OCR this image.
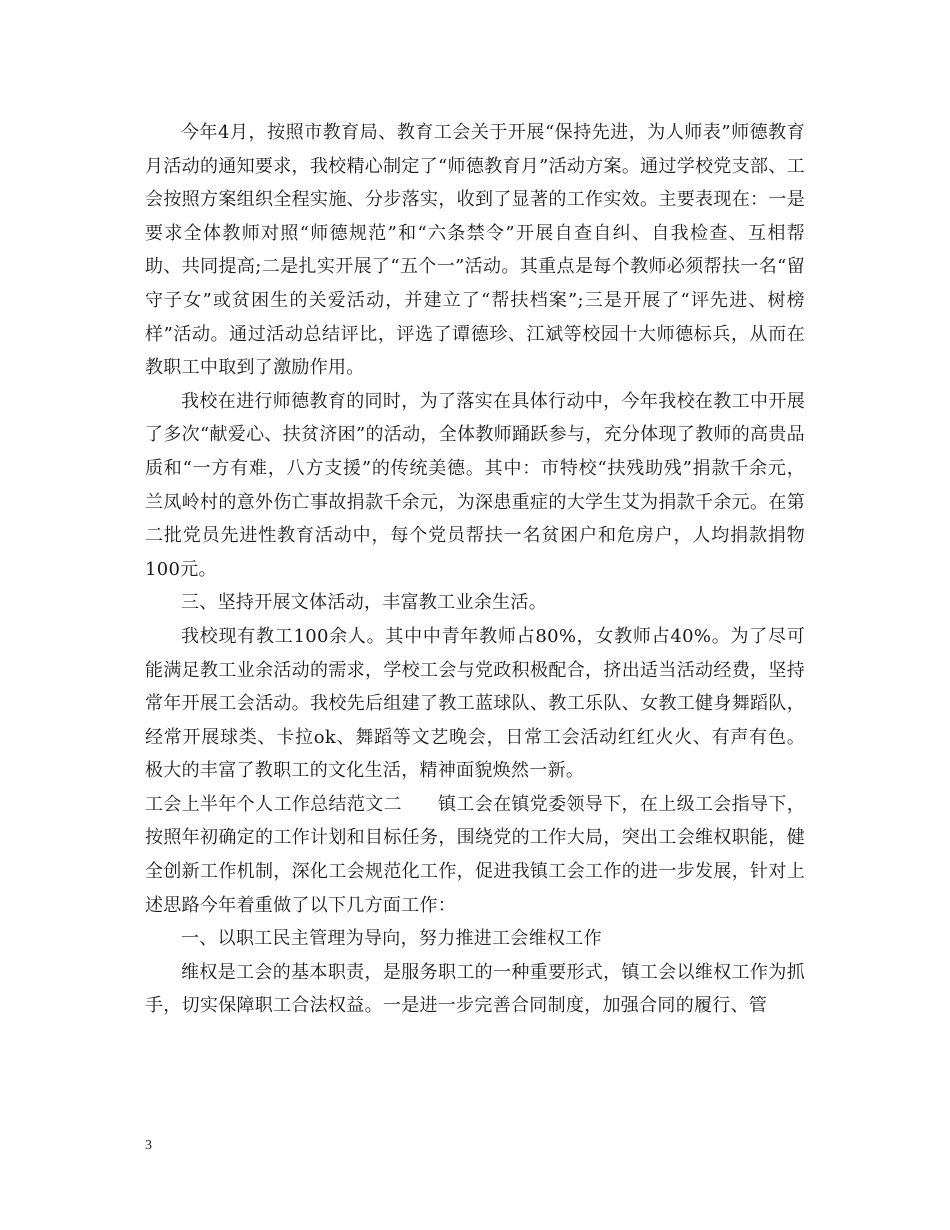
今年4月，按照市教育局、教育工会关于开展“保持先进，为人师表”师德教育月活动的通知要求，我校精心制定了“师德教育月”活动方案。通过学校党支部、工会按照方案组织全程实施、分步落实，收到了显著的工作实效。主要表现在：一是要求全体教师对照“师德规范”和“六条禁令”开展自查自纠、自我检查、互相帮助、共同提高;二是扎实开展了“五个一”活动。其重点是每个教师必须帮扶一名“留守子女”或贫困生的关爱活动，并建立了“帮扶档案”;三是开展了“评先进、树榜样”活动。通过活动总结评比，评选了谭德珍、江斌等校园十大师德标兵，从而在教职工中取到了激励作用。

我校在进行师德教育的同时，为了落实在具体行动中，今年我校在教工中开展了多次“献爱心、扶贫济困”的活动，全体教师踊跃参与，充分体现了教师的高贵品质和“一方有难，八方支援”的传统美德。其中：市特校“扶残助残”捐款千余元，兰凤岭村的意外伤亡事故捐款千余元，为深患重症的大学生艾为捐款千余元。在第二批党员先进性教育活动中，每个党员帮扶一名贫困户和危房户，人均捐款捐物100元。

三、坚持开展文体活动，丰富教工业余生活。

我校现有教工100余人。其中中青年教师占80%，女教师占40%。为了尽可能满足教工业余活动的需求，学校工会与党政积极配合，挤出适当活动经费，坚持常年开展工会活动。我校先后组建了教工蓝球队、教工乐队、女教工健身舞蹈队，经常开展球类、卡拉ok、舞蹈等文艺晚会，日常工会活动红红火火、有声有色。极大的丰富了教职工的文化生活，精神面貌焕然一新。

工会上半年个人工作总结范文二 镇工会在镇党委领导下，在上级工会指导下，按照年初确定的工作计划和目标任务，围绕党的工作大局，突出工会维权职能，健全创新工作机制，深化工会规范化工作，促进我镇工会工作的进一步发展，针对上述思路今年着重做了以下几方面工作：

一、以职工民主管理为导向，努力推进工会维权工作

维权是工会的基本职责，是服务职工的一种重要形式，镇工会以维权工作为抓手，切实保障职工合法权益。一是进一步完善合同制度，加强合同的履行、管

3
